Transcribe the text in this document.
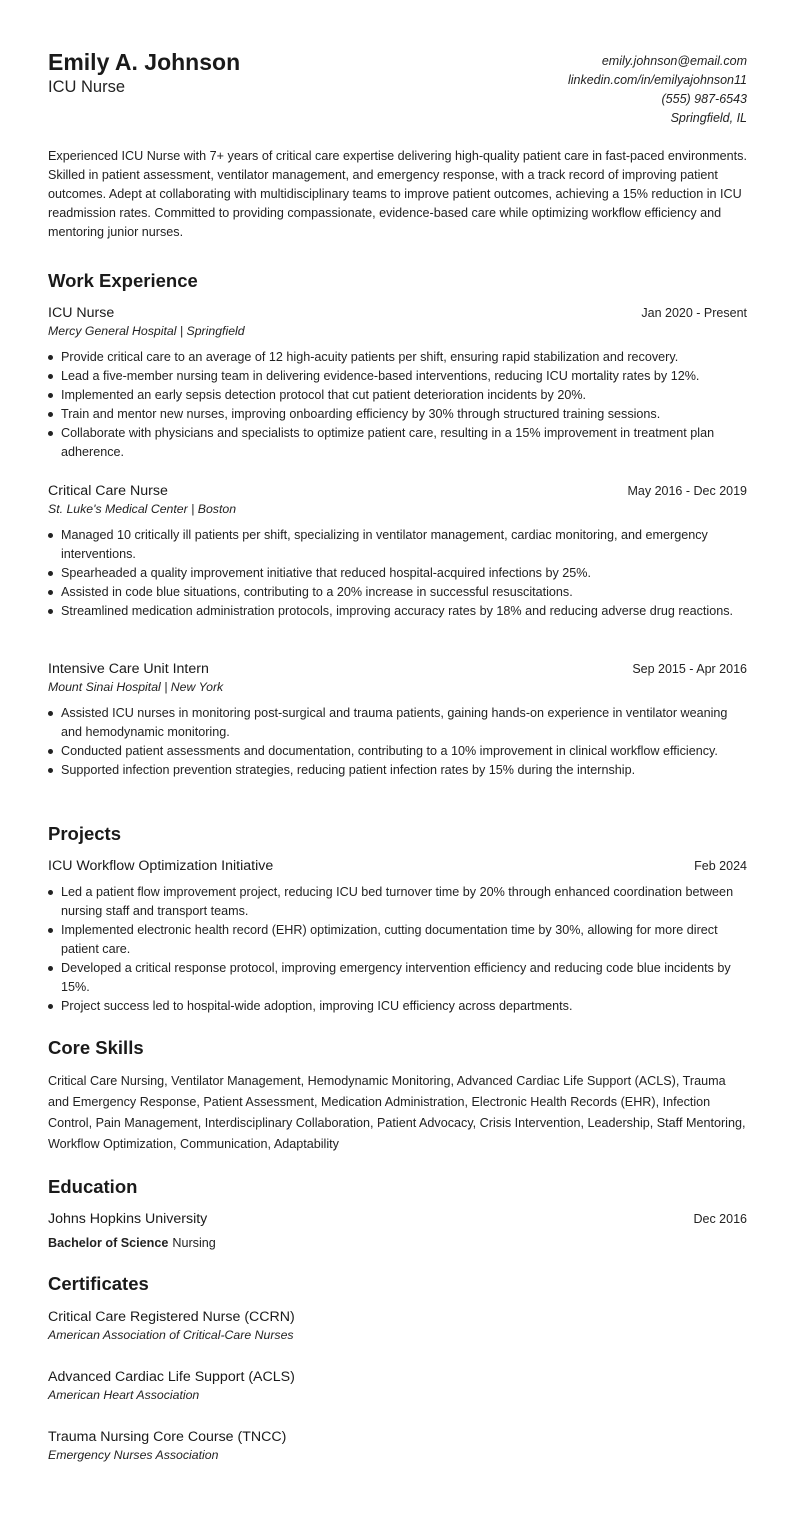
Emily A. Johnson
ICU Nurse
emily.johnson@email.com
linkedin.com/in/emilyajohnson11
(555) 987-6543
Springfield, IL
Experienced ICU Nurse with 7+ years of critical care expertise delivering high-quality patient care in fast-paced environments. Skilled in patient assessment, ventilator management, and emergency response, with a track record of improving patient outcomes. Adept at collaborating with multidisciplinary teams to improve patient outcomes, achieving a 15% reduction in ICU readmission rates. Committed to providing compassionate, evidence-based care while optimizing workflow efficiency and mentoring junior nurses.
Work Experience
ICU Nurse	Jan 2020 - Present
Mercy General Hospital | Springfield
Provide critical care to an average of 12 high-acuity patients per shift, ensuring rapid stabilization and recovery.
Lead a five-member nursing team in delivering evidence-based interventions, reducing ICU mortality rates by 12%.
Implemented an early sepsis detection protocol that cut patient deterioration incidents by 20%.
Train and mentor new nurses, improving onboarding efficiency by 30% through structured training sessions.
Collaborate with physicians and specialists to optimize patient care, resulting in a 15% improvement in treatment plan adherence.
Critical Care Nurse	May 2016 - Dec 2019
St. Luke's Medical Center | Boston
Managed 10 critically ill patients per shift, specializing in ventilator management, cardiac monitoring, and emergency interventions.
Spearheaded a quality improvement initiative that reduced hospital-acquired infections by 25%.
Assisted in code blue situations, contributing to a 20% increase in successful resuscitations.
Streamlined medication administration protocols, improving accuracy rates by 18% and reducing adverse drug reactions.
Intensive Care Unit Intern	Sep 2015 - Apr 2016
Mount Sinai Hospital | New York
Assisted ICU nurses in monitoring post-surgical and trauma patients, gaining hands-on experience in ventilator weaning and hemodynamic monitoring.
Conducted patient assessments and documentation, contributing to a 10% improvement in clinical workflow efficiency.
Supported infection prevention strategies, reducing patient infection rates by 15% during the internship.
Projects
ICU Workflow Optimization Initiative	Feb 2024
Led a patient flow improvement project, reducing ICU bed turnover time by 20% through enhanced coordination between nursing staff and transport teams.
Implemented electronic health record (EHR) optimization, cutting documentation time by 30%, allowing for more direct patient care.
Developed a critical response protocol, improving emergency intervention efficiency and reducing code blue incidents by 15%.
Project success led to hospital-wide adoption, improving ICU efficiency across departments.
Core Skills
Critical Care Nursing, Ventilator Management, Hemodynamic Monitoring, Advanced Cardiac Life Support (ACLS), Trauma and Emergency Response, Patient Assessment, Medication Administration, Electronic Health Records (EHR), Infection Control, Pain Management, Interdisciplinary Collaboration, Patient Advocacy, Crisis Intervention, Leadership, Staff Mentoring, Workflow Optimization, Communication, Adaptability
Education
Johns Hopkins University	Dec 2016
Bachelor of Science Nursing
Certificates
Critical Care Registered Nurse (CCRN)
American Association of Critical-Care Nurses
Advanced Cardiac Life Support (ACLS)
American Heart Association
Trauma Nursing Core Course (TNCC)
Emergency Nurses Association
